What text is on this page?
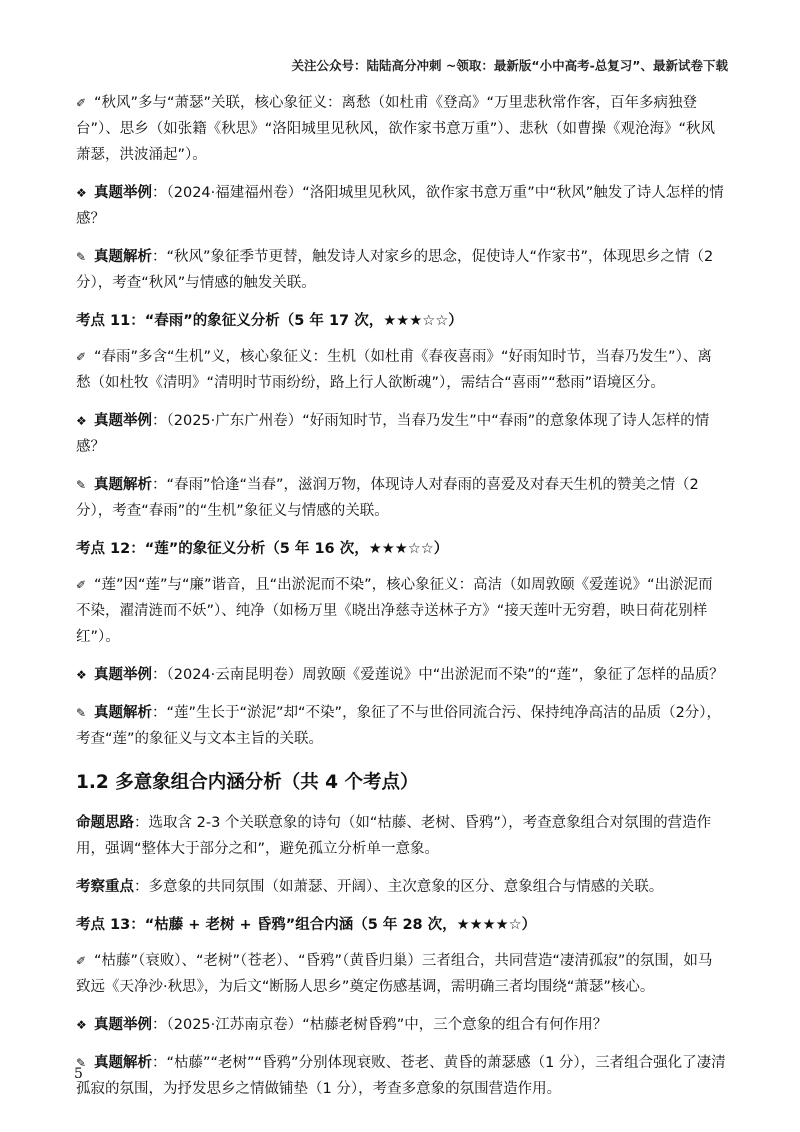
关注公众号：陆陆高分冲刺 ~领取：最新版“小中高考-总复习”、最新试卷下载

✐ “秋风”多与“萧瑟”关联，核心象征义：离愁（如杜甫《登高》“万里悲秋常作客，百年多病独登台”）、思乡（如张籍《秋思》“洛阳城里见秋风，欲作家书意万重”）、悲秋（如曹操《观沧海》“秋风萧瑟，洪波涌起”）。

❖ 真题举例：（2024·福建福州卷）“洛阳城里见秋风，欲作家书意万重”中“秋风”触发了诗人怎样的情感？

✎ 真题解析：“秋风”象征季节更替，触发诗人对家乡的思念，促使诗人“作家书”，体现思乡之情（2分），考查“秋风”与情感的触发关联。

考点 11：“春雨”的象征义分析（5 年 17 次，★★★☆☆）

✐ “春雨”多含“生机”义，核心象征义：生机（如杜甫《春夜喜雨》“好雨知时节，当春乃发生”）、离愁（如杜牧《清明》“清明时节雨纷纷，路上行人欲断魂”），需结合“喜雨”“愁雨”语境区分。

❖ 真题举例：（2025·广东广州卷）“好雨知时节，当春乃发生”中“春雨”的意象体现了诗人怎样的情感？

✎ 真题解析：“春雨”恰逢“当春”，滋润万物，体现诗人对春雨的喜爱及对春天生机的赞美之情（2分），考查“春雨”的“生机”象征义与情感的关联。

考点 12：“莲”的象征义分析（5 年 16 次，★★★☆☆）

✐ “莲”因“莲”与“廉”谐音，且“出淤泥而不染”，核心象征义：高洁（如周敦颐《爱莲说》“出淤泥而不染，濯清涟而不妖”）、纯净（如杨万里《晓出净慈寺送林子方》“接天莲叶无穷碧，映日荷花别样红”）。

❖ 真题举例：（2024·云南昆明卷）周敦颐《爱莲说》中“出淤泥而不染”的“莲”，象征了怎样的品质？

✎ 真题解析：“莲”生长于“淤泥”却“不染”，象征了不与世俗同流合污、保持纯净高洁的品质（2分），考查“莲”的象征义与文本主旨的关联。

1.2 多意象组合内涵分析（共 4 个考点）

命题思路：选取含 2-3 个关联意象的诗句（如“枯藤、老树、昏鸦”），考查意象组合对氛围的营造作用，强调“整体大于部分之和”，避免孤立分析单一意象。

考察重点：多意象的共同氛围（如萧瑟、开阔）、主次意象的区分、意象组合与情感的关联。

考点 13：“枯藤 + 老树 + 昏鸦”组合内涵（5 年 28 次，★★★★☆）

✐ “枯藤”（衰败）、“老树”（苍老）、“昏鸦”（黄昏归巢）三者组合，共同营造“凄清孤寂”的氛围，如马致远《天净沙·秋思》，为后文“断肠人思乡”奠定伤感基调，需明确三者均围绕“萧瑟”核心。

❖ 真题举例：（2025·江苏南京卷）“枯藤老树昏鸦”中，三个意象的组合有何作用？

✎ 真题解析：“枯藤”“老树”“昏鸦”分别体现衰败、苍老、黄昏的萧瑟感（1 分），三者组合强化了凄清孤寂的氛围，为抒发思乡之情做铺垫（1 分），考查多意象的氛围营造作用。

5
